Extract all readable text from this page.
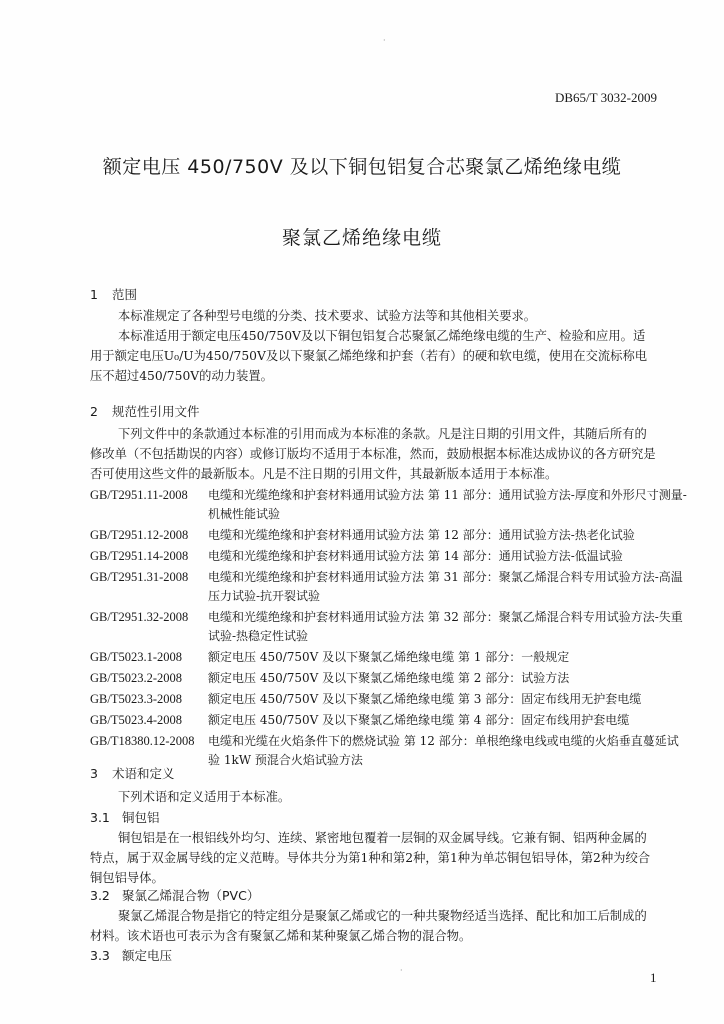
·
·
DB65/T 3032-2009
额定电压 450/750V 及以下铜包铝复合芯聚氯乙烯绝缘电缆
聚氯乙烯绝缘电缆
1 范围
本标准规定了各种型号电缆的分类、技术要求、试验方法等和其他相关要求。
本标准适用于额定电压450/750V及以下铜包铝复合芯聚氯乙烯绝缘电缆的生产、检验和应用。适用于额定电压U₀/U为450/750V及以下聚氯乙烯绝缘和护套（若有）的硬和软电缆，使用在交流标称电压不超过450/750V的动力装置。
2 规范性引用文件
下列文件中的条款通过本标准的引用而成为本标准的条款。凡是注日期的引用文件，其随后所有的修改单（不包括勘误的内容）或修订版均不适用于本标准，然而，鼓励根据本标准达成协议的各方研究是否可使用这些文件的最新版本。凡是不注日期的引用文件，其最新版本适用于本标准。
GB/T2951.11-2008	电缆和光缆绝缘和护套材料通用试验方法 第 11 部分：通用试验方法-厚度和外形尺寸测量-机械性能试验
GB/T2951.12-2008	电缆和光缆绝缘和护套材料通用试验方法 第 12 部分：通用试验方法-热老化试验
GB/T2951.14-2008	电缆和光缆绝缘和护套材料通用试验方法 第 14 部分：通用试验方法-低温试验
GB/T2951.31-2008	电缆和光缆绝缘和护套材料通用试验方法 第 31 部分：聚氯乙烯混合料专用试验方法-高温压力试验-抗开裂试验
GB/T2951.32-2008	电缆和光缆绝缘和护套材料通用试验方法 第 32 部分：聚氯乙烯混合料专用试验方法-失重试验-热稳定性试验
GB/T5023.1-2008	额定电压 450/750V 及以下聚氯乙烯绝缘电缆 第 1 部分：一般规定
GB/T5023.2-2008	额定电压 450/750V 及以下聚氯乙烯绝缘电缆 第 2 部分：试验方法
GB/T5023.3-2008	额定电压 450/750V 及以下聚氯乙烯绝缘电缆 第 3 部分：固定布线用无护套电缆
GB/T5023.4-2008	额定电压 450/750V 及以下聚氯乙烯绝缘电缆 第 4 部分：固定布线用护套电缆
GB/T18380.12-2008	电缆和光缆在火焰条件下的燃烧试验 第 12 部分：单根绝缘电线或电缆的火焰垂直蔓延试验 1kW 预混合火焰试验方法
3 术语和定义
下列术语和定义适用于本标准。
3.1 铜包铝
铜包铝是在一根铝线外均匀、连续、紧密地包覆着一层铜的双金属导线。它兼有铜、铝两种金属的特点，属于双金属导线的定义范畴。导体共分为第1种和第2种，第1种为单芯铜包铝导体，第2种为绞合铜包铝导体。
3.2 聚氯乙烯混合物（PVC）
聚氯乙烯混合物是指它的特定组分是聚氯乙烯或它的一种共聚物经适当选择、配比和加工后制成的材料。该术语也可表示为含有聚氯乙烯和某种聚氯乙烯合物的混合物。
3.3 额定电压
1
